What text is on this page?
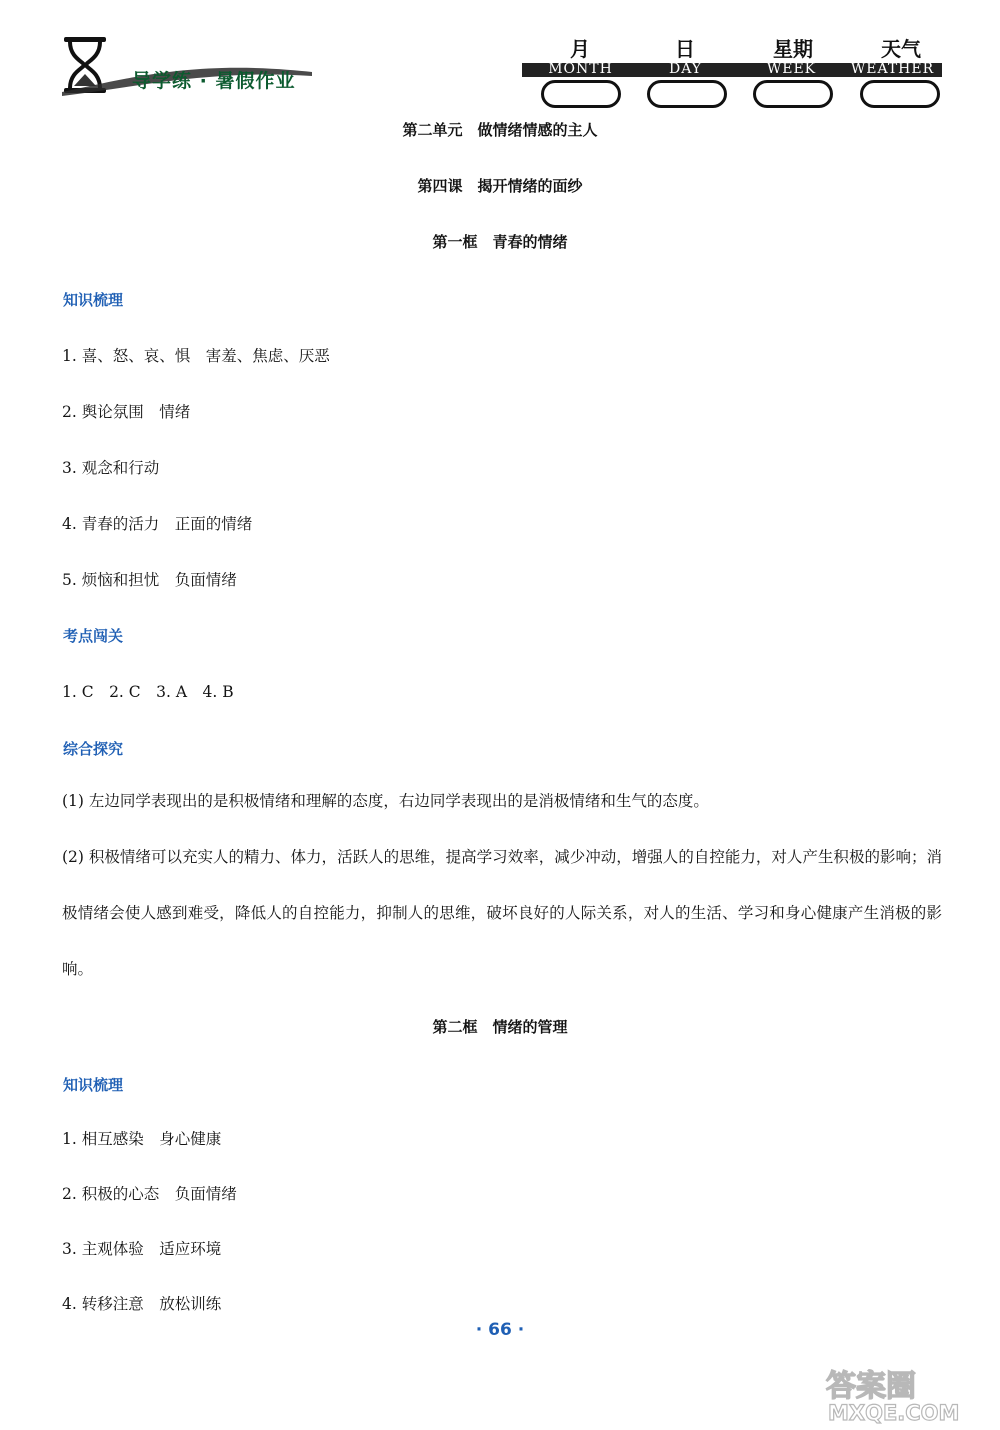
导学练 · 暑假作业
月	日	星期	天气
MONTH	DAY	WEEK	WEATHER
第二单元　做情绪情感的主人
第四课　揭开情绪的面纱
第一框　青春的情绪
知识梳理
1. 喜、怒、哀、惧　害羞、焦虑、厌恶
2. 舆论氛围　情绪
3. 观念和行动
4. 青春的活力　正面的情绪
5. 烦恼和担忧　负面情绪
考点闯关
1. C　2. C　3. A　4. B
综合探究
(1) 左边同学表现出的是积极情绪和理解的态度，右边同学表现出的是消极情绪和生气的态度。
(2) 积极情绪可以充实人的精力、体力，活跃人的思维，提高学习效率，减少冲动，增强人的自控能力，对人产生积极的影响；消极情绪会使人感到难受，降低人的自控能力，抑制人的思维，破坏良好的人际关系，对人的生活、学习和身心健康产生消极的影响。
第二框　情绪的管理
知识梳理
1. 相互感染　身心健康
2. 积极的心态　负面情绪
3. 主观体验　适应环境
4. 转移注意　放松训练
· 66 ·
答案圈
MXQE.COM
